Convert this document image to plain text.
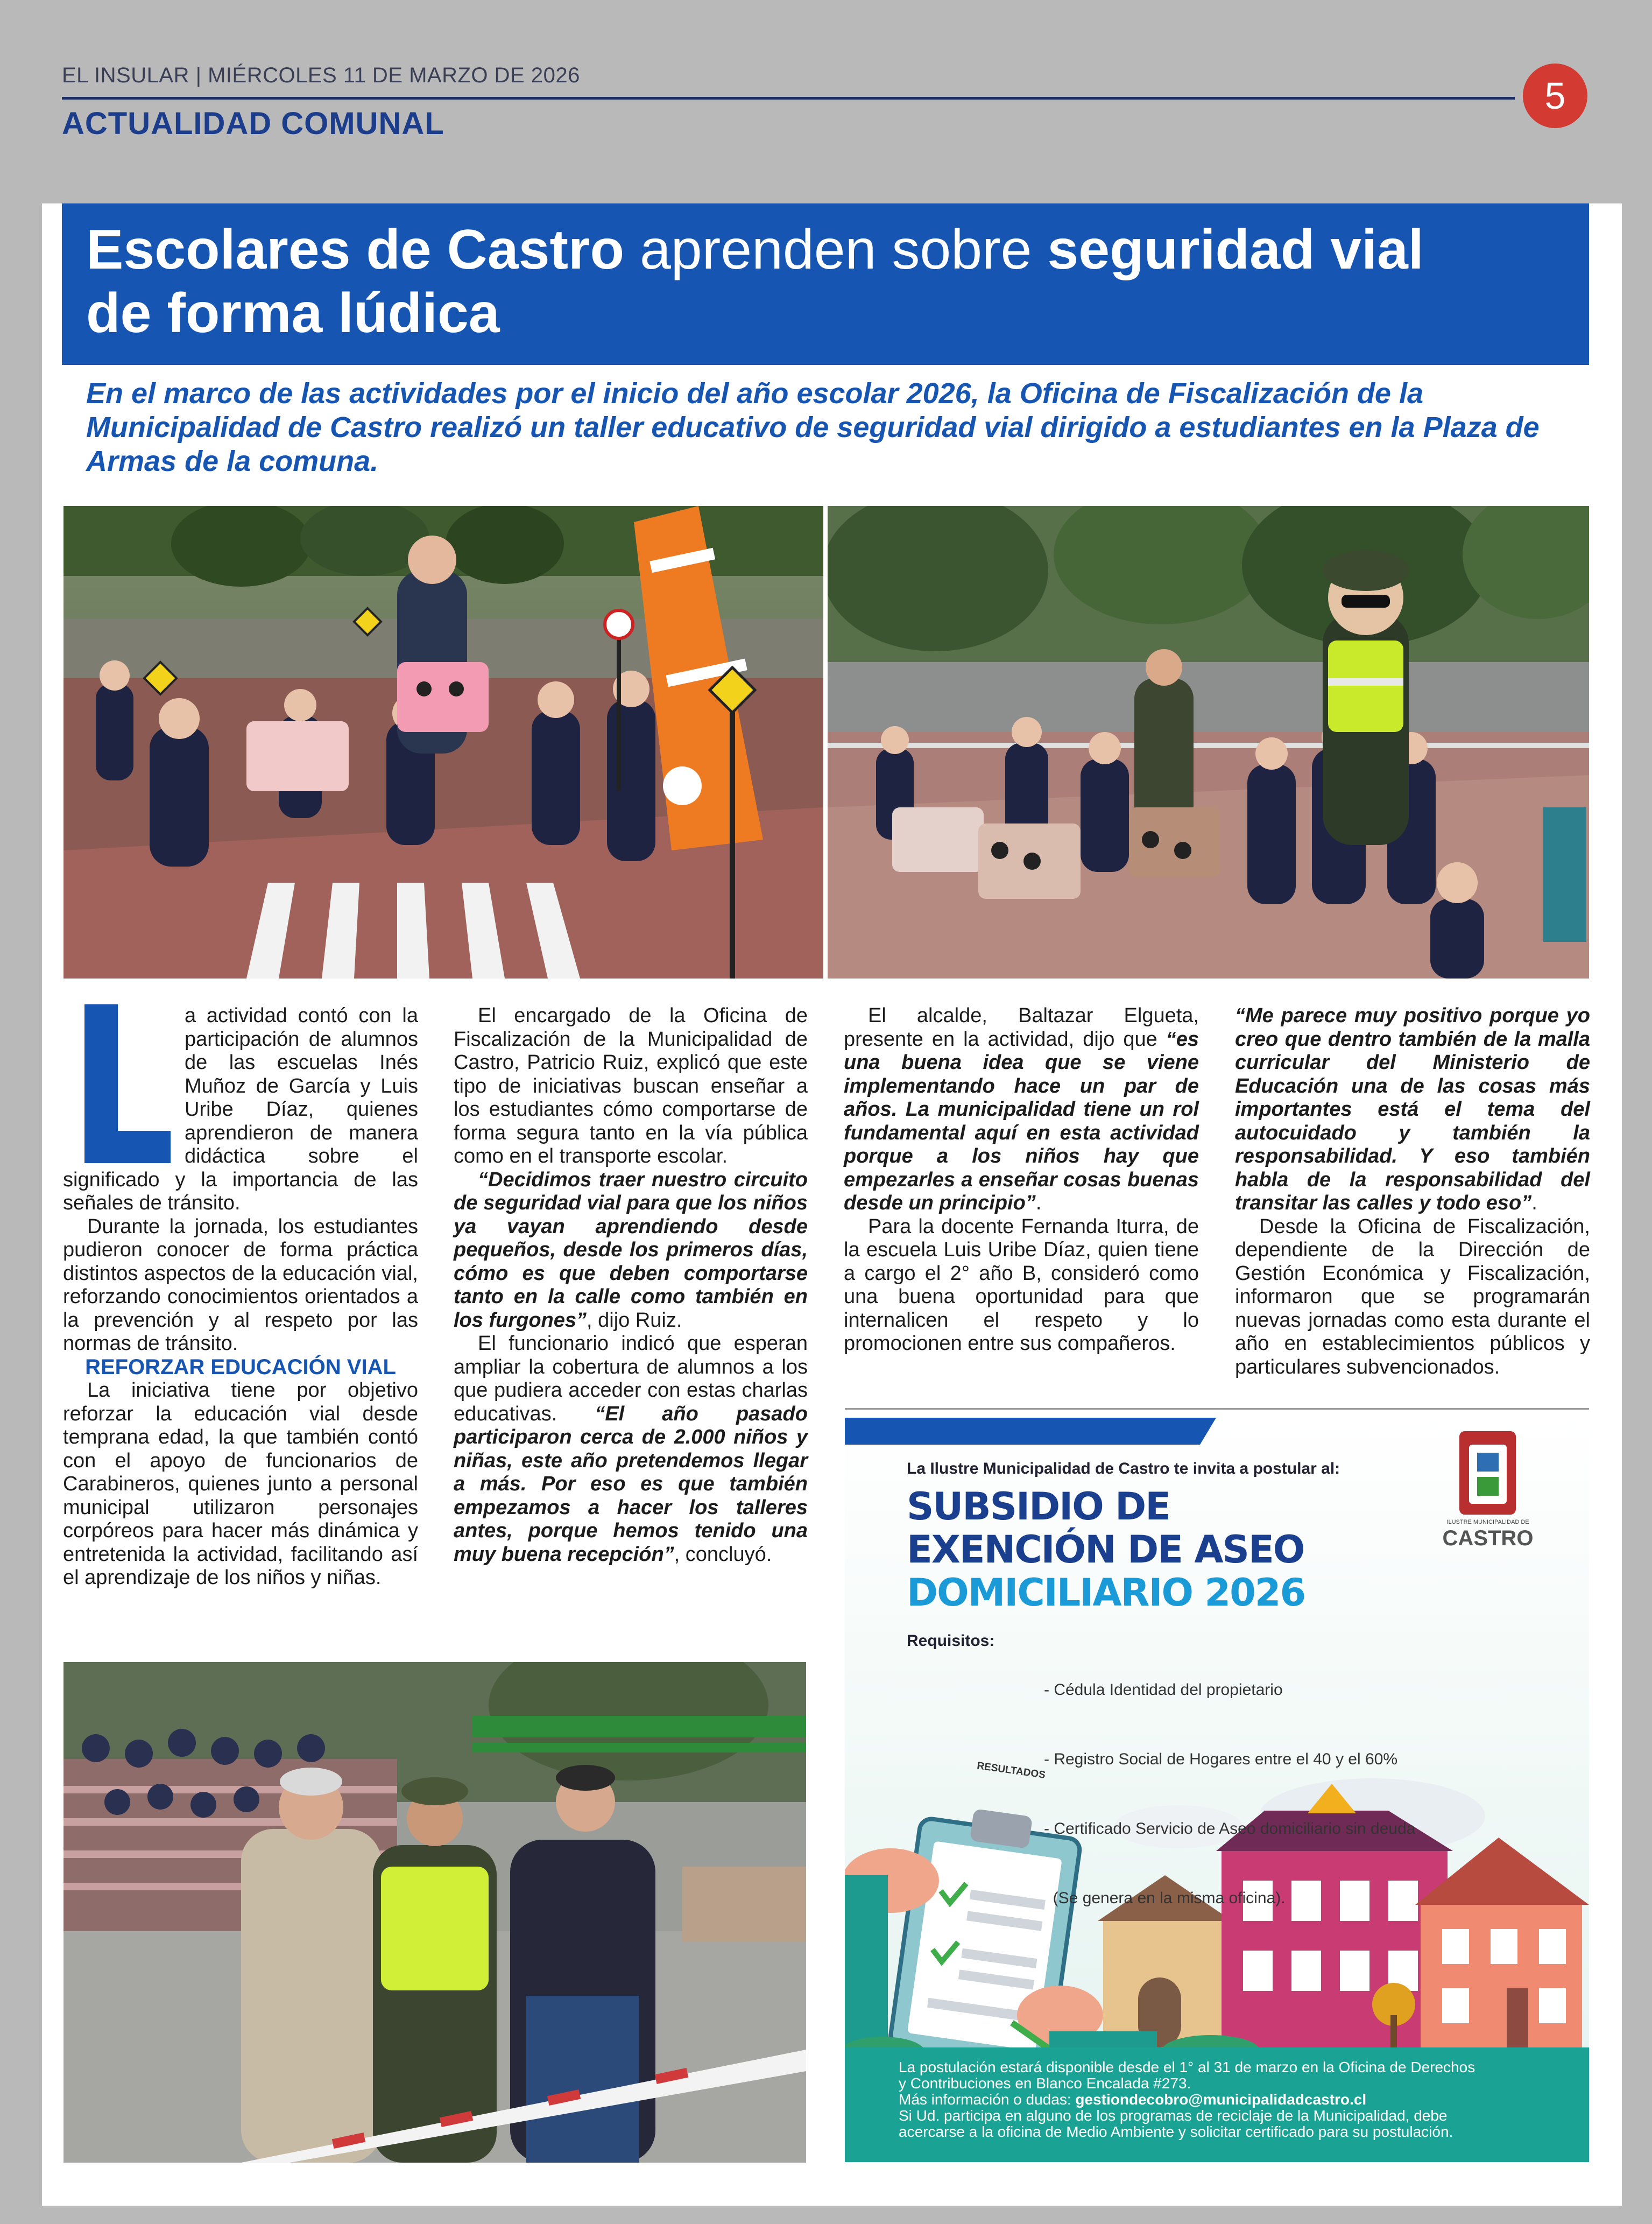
EL INSULAR | MIÉRCOLES 11 DE MARZO DE 2026
ACTUALIDAD COMUNAL
5
Escolares de Castro aprenden sobre seguridad vial
de forma lúdica
En el marco de las actividades por el inicio del año escolar 2026, la Oficina de Fiscalización de la Municipalidad de Castro realizó un taller educativo de seguridad vial dirigido a estudiantes en la Plaza de Armas de la comuna.

a actividad contó con la participación de alumnos de las escuelas Inés Muñoz de García y Luis Uribe Díaz, quienes aprendieron de manera didáctica sobre el significado y la importancia de las señales de tránsito.

Durante la jornada, los estudiantes pudieron conocer de forma práctica distintos aspectos de la educación vial, reforzando conocimientos orientados a la prevención y al respeto por las normas de tránsito.

REFORZAR EDUCACIÓN VIAL

La iniciativa tiene por objetivo reforzar la educación vial desde temprana edad, la que también contó con el apoyo de funcionarios de Carabineros, quienes junto a personal municipal utilizaron personajes corpóreos para hacer más dinámica y entretenida la actividad, facilitando así el aprendizaje de los niños y niñas.

El encargado de la Oficina de Fiscalización de la Municipalidad de Castro, Patricio Ruiz, explicó que este tipo de iniciativas buscan enseñar a los estudiantes cómo comportarse de forma segura tanto en la vía pública como en el transporte escolar.

“Decidimos traer nuestro circuito de seguridad vial para que los niños ya vayan aprendiendo desde pequeños, desde los primeros días, cómo es que deben comportarse tanto en la calle como también en los furgones”, dijo Ruiz.

El funcionario indicó que esperan ampliar la cobertura de alumnos a los que pudiera acceder con estas charlas educativas. “El año pasado participaron cerca de 2.000 niños y niñas, este año pretendemos llegar a más. Por eso es que también empezamos a hacer los talleres antes, porque hemos tenido una muy buena recepción”, concluyó.

El alcalde, Baltazar Elgueta, presente en la actividad, dijo que “es una buena idea que se viene implementando hace un par de años. La municipalidad tiene un rol fundamental aquí en esta actividad porque a los niños hay que empezarles a enseñar cosas buenas desde un principio”.

Para la docente Fernanda Iturra, de la escuela Luis Uribe Díaz, quien tiene a cargo el 2° año B, consideró como una buena oportunidad para que internalicen el respeto y lo promocionen entre sus compañeros.

“Me parece muy positivo porque yo creo que dentro también de la malla curricular del Ministerio de Educación una de las cosas más importantes está el tema del autocuidado y también la responsabilidad. Y eso también habla de la responsabilidad del transitar las calles y todo eso”.

Desde la Oficina de Fiscalización, dependiente de la Dirección de Gestión Económica y Fiscalización, informaron que se programarán nuevas jornadas como esta durante el año en establecimientos públicos y particulares subvencionados.

La Ilustre Municipalidad de Castro te invita a postular al:
SUBSIDIO DE
EXENCIÓN DE ASEO
DOMICILIARIO 2026
ILUSTRE MUNICIPALIDAD DE
CASTRO
Requisitos:

- Cédula Identidad del propietario

- Registro Social de Hogares entre el 40 y el 60%

- Certificado Servicio de Aseo domiciliario sin deuda

(Se genera en la misma oficina).

RESULTADOS
La postulación estará disponible desde el 1° al 31 de marzo en la Oficina de Derechos
y Contribuciones en Blanco Encalada #273.
Más información o dudas: gestiondecobro@municipalidadcastro.cl
Si Ud. participa en alguno de los programas de reciclaje de la Municipalidad, debe
acercarse a la oficina de Medio Ambiente y solicitar certificado para su postulación.
